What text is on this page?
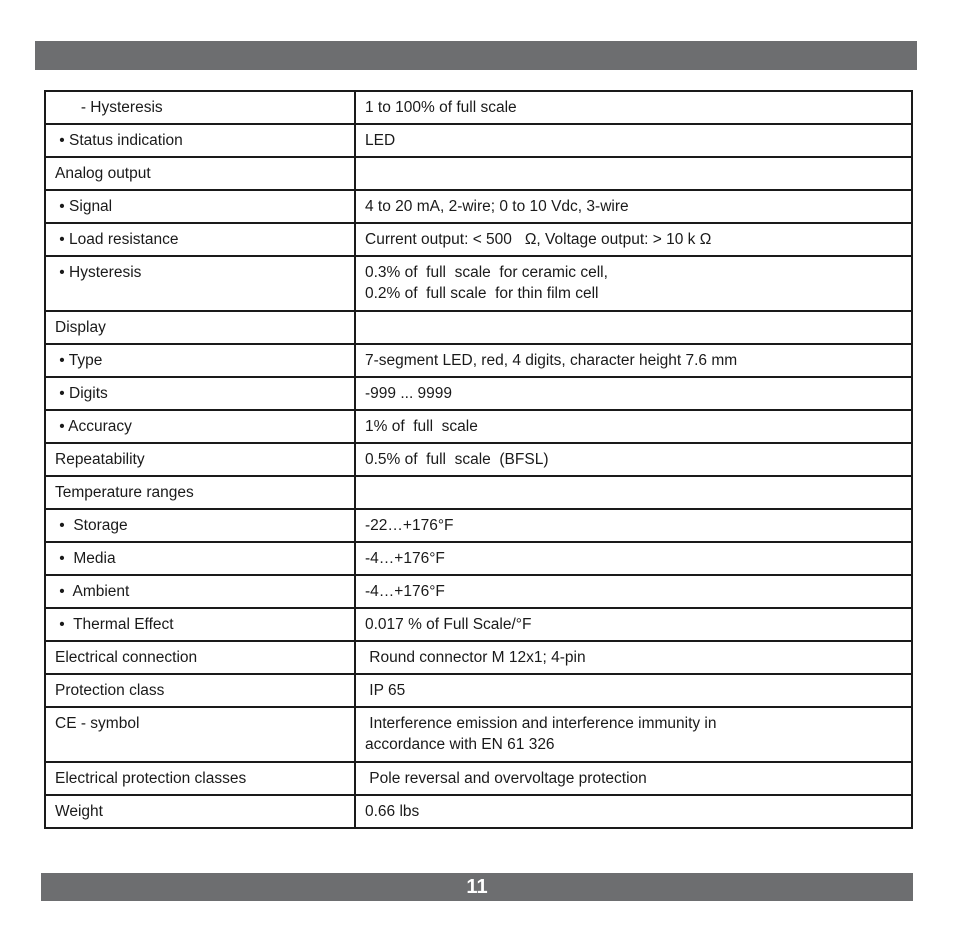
- Hysteresis	1 to 100% of full scale
• Status indication	LED
Analog output	
• Signal	4 to 20 mA, 2-wire; 0 to 10 Vdc, 3-wire
• Load resistance	Current output: < 500   Ω, Voltage output: > 10 k Ω
• Hysteresis	0.3% of  full  scale  for ceramic cell,
0.2% of  full scale  for thin film cell
Display	
• Type	7-segment LED, red, 4 digits, character height 7.6 mm
• Digits	-999 ... 9999
• Accuracy	1% of  full  scale
Repeatability	0.5% of  full  scale  (BFSL)
Temperature ranges	
•  Storage	-22…+176°F
•  Media	-4…+176°F
•  Ambient	-4…+176°F
•  Thermal Effect	0.017 % of Full Scale/°F
Electrical connection	Round connector M 12x1; 4-pin
Protection class	IP 65
CE - symbol	Interference emission and interference immunity in
accordance with EN 61 326
Electrical protection classes	Pole reversal and overvoltage protection
Weight	0.66 lbs
11
